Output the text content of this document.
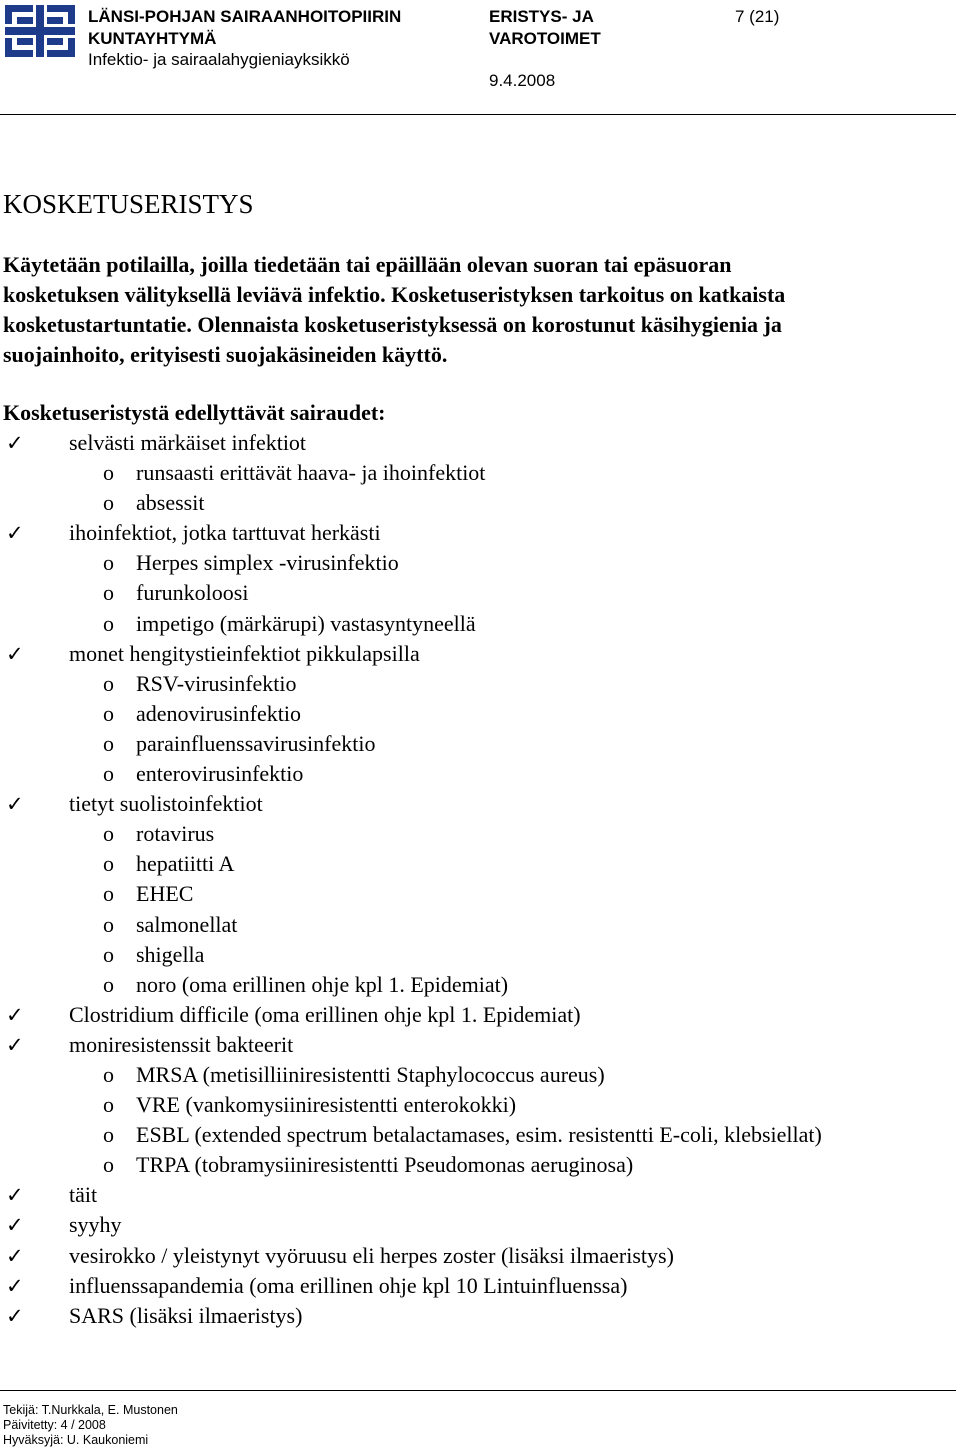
LÄNSI-POHJAN SAIRAANHOITOPIIRIN
KUNTAYHTYMÄ
Infektio- ja sairaalahygieniayksikkö
ERISTYS- JA
VAROTOIMET
9.4.2008
7 (21)
KOSKETUSERISTYS
Käytetään potilailla, joilla tiedetään tai epäillään olevan suoran tai epäsuoran
kosketuksen välityksellä leviävä infektio. Kosketuseristyksen tarkoitus on katkaista
kosketustartuntatie. Olennaista kosketuseristyksessä on korostunut käsihygienia ja
suojainhoito, erityisesti suojakäsineiden käyttö.
Kosketuseristystä edellyttävät sairaudet:
✓ selvästi märkäiset infektiot
o runsaasti erittävät haava- ja ihoinfektiot
o absessit
✓ ihoinfektiot, jotka tarttuvat herkästi
o Herpes simplex -virusinfektio
o furunkoloosi
o impetigo (märkärupi) vastasyntyneellä
✓ monet hengitystieinfektiot pikkulapsilla
o RSV-virusinfektio
o adenovirusinfektio
o parainfluenssavirusinfektio
o enterovirusinfektio
✓ tietyt suolistoinfektiot
o rotavirus
o hepatiitti A
o EHEC
o salmonellat
o shigella
o noro (oma erillinen ohje kpl 1. Epidemiat)
✓ Clostridium difficile (oma erillinen ohje kpl 1. Epidemiat)
✓ moniresistenssit bakteerit
o MRSA (metisilliiniresistentti Staphylococcus aureus)
o VRE (vankomysiiniresistentti enterokokki)
o ESBL (extended spectrum betalactamases, esim. resistentti E-coli, klebsiellat)
o TRPA (tobramysiiniresistentti Pseudomonas aeruginosa)
✓ täit
✓ syyhy
✓ vesirokko / yleistynyt vyöruusu eli herpes zoster (lisäksi ilmaeristys)
✓ influenssapandemia (oma erillinen ohje kpl 10 Lintuinfluenssa)
✓ SARS (lisäksi ilmaeristys)
Tekijä: T.Nurkkala, E. Mustonen
Päivitetty: 4 / 2008
Hyväksyjä: U. Kaukoniemi
